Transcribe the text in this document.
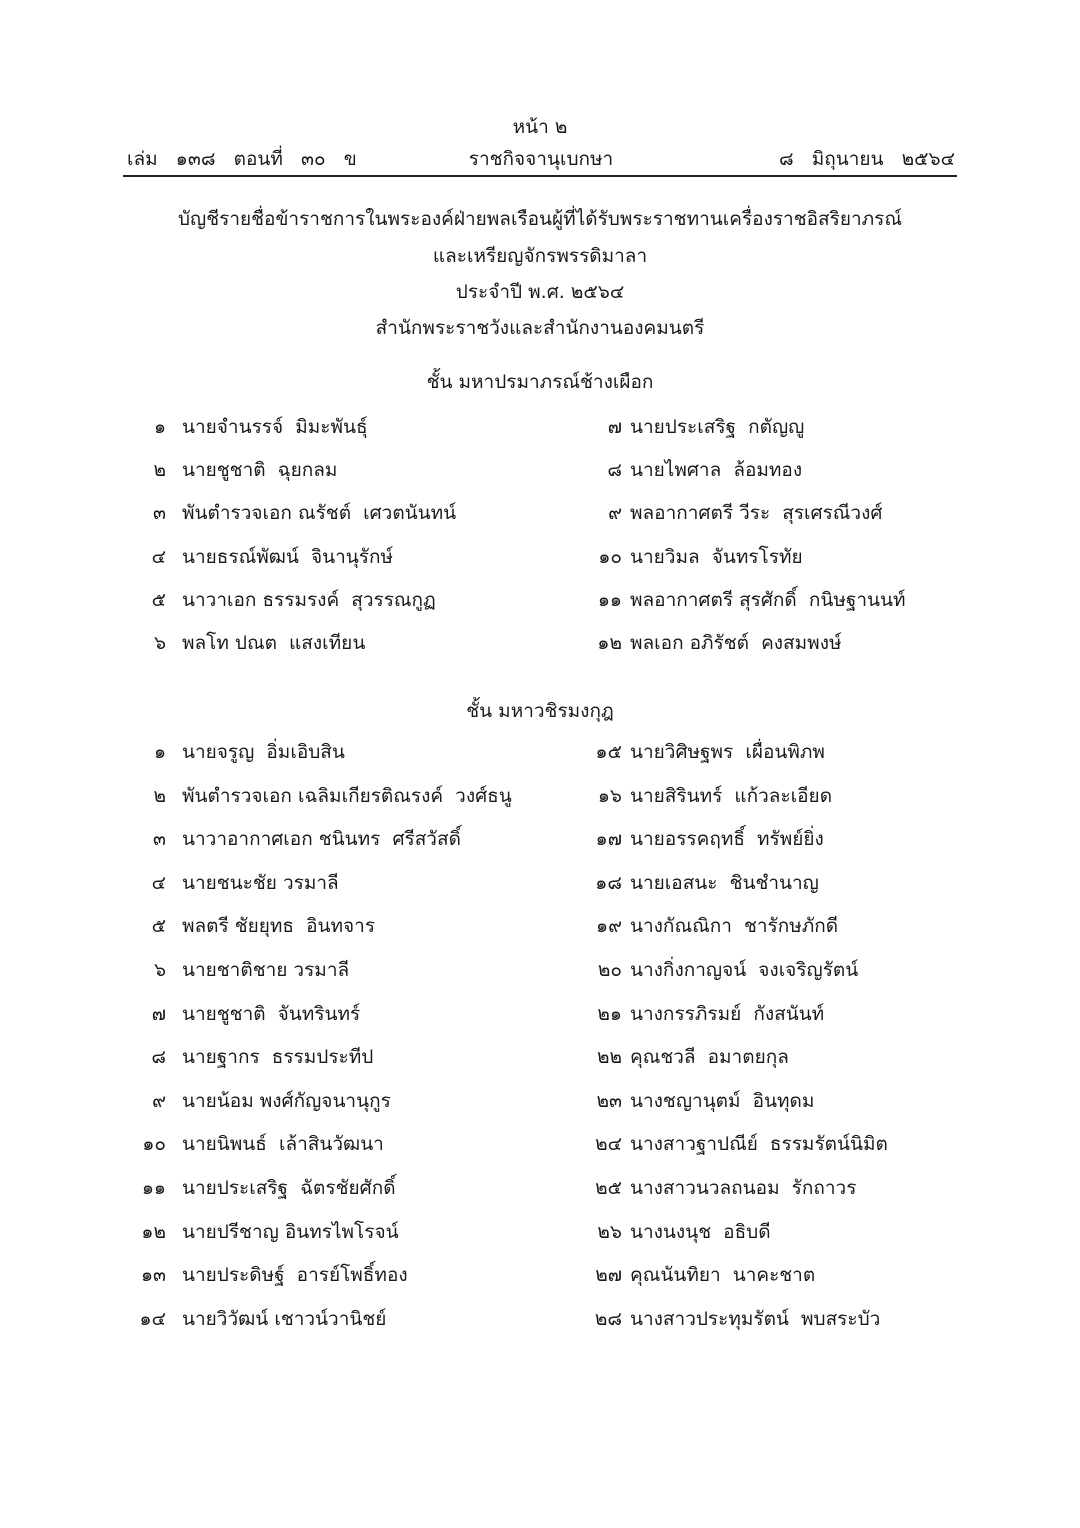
หน้า ๒
ราชกิจจานุเบกษา
เล่ม   ๑๓๘   ตอนที่   ๓๐   ข	๘   มิถุนายน   ๒๕๖๔
บัญชีรายชื่อข้าราชการในพระองค์ฝ่ายพลเรือนผู้ที่ได้รับพระราชทานเครื่องราชอิสริยาภรณ์
และเหรียญจักรพรรดิมาลา
ประจำปี พ.ศ. ๒๕๖๔
สำนักพระราชวังและสำนักงานองคมนตรี
ชั้น มหาปรมาภรณ์ช้างเผือก
๑ นายจำนรรจ์  มิมะพันธุ์	๗ นายประเสริฐ  กตัญญู
๒ นายชูชาติ  ฉุยกลม	๘ นายไพศาล  ล้อมทอง
๓ พันตำรวจเอก ณรัชต์  เศวตนันทน์	๙ พลอากาศตรี วีระ  สุรเศรณีวงศ์
๔ นายธรณ์พัฒน์  จินานุรักษ์	๑๐ นายวิมล  จันทรโรทัย
๕ นาวาเอก ธรรมรงค์  สุวรรณกูฏ	๑๑ พลอากาศตรี สุรศักดิ์  กนิษฐานนท์
๖ พลโท ปณต  แสงเทียน	๑๒ พลเอก อภิรัชต์  คงสมพงษ์
ชั้น มหาวชิรมงกุฎ
๑ นายจรูญ  อิ่มเอิบสิน	๑๕ นายวิศิษฐพร  เผื่อนพิภพ
๒ พันตำรวจเอก เฉลิมเกียรติณรงค์  วงศ์ธนู	๑๖ นายสิรินทร์  แก้วละเอียด
๓ นาวาอากาศเอก ชนินทร  ศรีสวัสดิ์	๑๗ นายอรรคฤทธิ์  ทรัพย์ยิ่ง
๔ นายชนะชัย วรมาลี	๑๘ นายเอสนะ  ชินชำนาญ
๕ พลตรี ชัยยุทธ  อินทจาร	๑๙ นางกัณณิกา  ชารักษภักดี
๖ นายชาติชาย วรมาลี	๒๐ นางกิ่งกาญจน์  จงเจริญรัตน์
๗ นายชูชาติ  จันทรินทร์	๒๑ นางกรรภิรมย์  กังสนันท์
๘ นายฐากร  ธรรมประทีป	๒๒ คุณชวลี  อมาตยกุล
๙ นายน้อม พงศ์กัญจนานุกูร	๒๓ นางชญานุตม์  อินทุดม
๑๐ นายนิพนธ์  เล้าสินวัฒนา	๒๔ นางสาวฐาปณีย์  ธรรมรัตน์นิมิต
๑๑ นายประเสริฐ  ฉัตรชัยศักดิ์	๒๕ นางสาวนวลถนอม  รักถาวร
๑๒ นายปรีชาญ อินทรไพโรจน์	๒๖ นางนงนุช  อธิบดี
๑๓ นายประดิษฐ์  อารย์โพธิ์ทอง	๒๗ คุณนันทิยา  นาคะชาต
๑๔ นายวิวัฒน์ เชาวน์วานิชย์	๒๘ นางสาวประทุมรัตน์  พบสระบัว
